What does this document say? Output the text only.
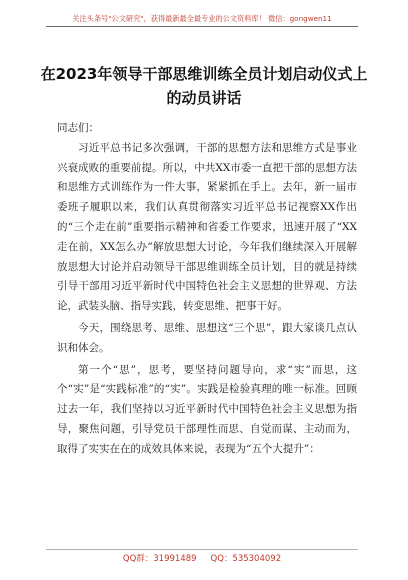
关注头条号"公文研究"，获得最新最全最专业的公文资料库！ 微信：gongwen11
在2023年领导干部思维训练全员计划启动仪式上的动员讲话

同志们：

习近平总书记多次强调，干部的思想方法和思维方式是事业兴衰成败的重要前提。所以，中共XX市委一直把干部的思想方法和思维方式训练作为一件大事，紧紧抓在手上。去年，新一届市委班子履职以来，我们认真贯彻落实习近平总书记视察XX作出的“三个走在前”重要指示精神和省委工作要求，迅速开展了“XX走在前，XX怎么办”解放思想大讨论，今年我们继续深入开展解放思想大讨论并启动领导干部思维训练全员计划，目的就是持续引导干部用习近平新时代中国特色社会主义思想的世界观、方法论，武装头脑、指导实践，转变思维、把事干好。

今天，围绕思考、思维、思想这“三个思”，跟大家谈几点认识和体会。

第一个“思”，思考，要坚持问题导向，求“实”而思，这个“实”是“实践标准”的“实”。实践是检验真理的唯一标准。回顾过去一年，我们坚持以习近平新时代中国特色社会主义思想为指导，聚焦问题，引导党员干部理性而思、自觉而谋、主动而为，取得了实实在在的成效具体来说，表现为“五个大提升”：

QQ群：31991489 QQ：535304092
